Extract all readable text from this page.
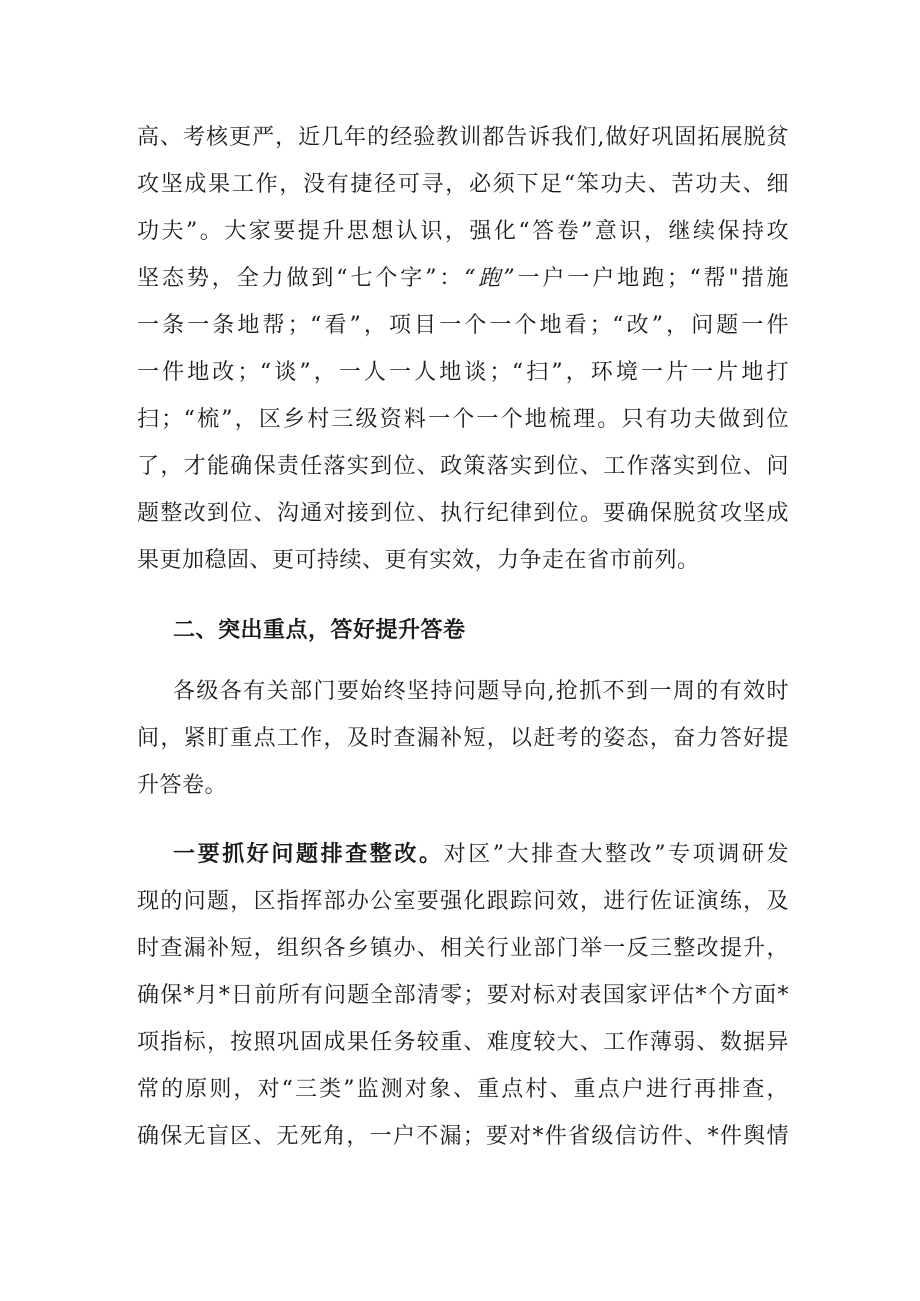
高、考核更严，近几年的经验教训都告诉我们,做好巩固拓展脱贫
攻坚成果工作，没有捷径可寻，必须下足“笨功夫、苦功夫、细
功夫”。大家要提升思想认识，强化“答卷”意识，继续保持攻
坚态势，全力做到“七个字”：“跑”一户一户地跑；“帮"措施
一条一条地帮；“看”，项目一个一个地看；“改”，问题一件
一件地改；“谈”，一人一人地谈；“扫”，环境一片一片地打
扫；“梳”，区乡村三级资料一个一个地梳理。只有功夫做到位
了，才能确保责任落实到位、政策落实到位、工作落实到位、问
题整改到位、沟通对接到位、执行纪律到位。要确保脱贫攻坚成
果更加稳固、更可持续、更有实效，力争走在省市前列。
二、突出重点，答好提升答卷
各级各有关部门要始终坚持问题导向,抢抓不到一周的有效时
间，紧盯重点工作，及时查漏补短，以赶考的姿态，奋力答好提
升答卷。
一要抓好问题排查整改。对区”大排查大整改”专项调研发
现的问题，区指挥部办公室要强化跟踪问效，进行佐证演练，及
时查漏补短，组织各乡镇办、相关行业部门举一反三整改提升，
确保*月*日前所有问题全部清零；要对标对表国家评估*个方面*
项指标，按照巩固成果任务较重、难度较大、工作薄弱、数据异
常的原则，对“三类”监测对象、重点村、重点户进行再排查，
确保无盲区、无死角，一户不漏；要对*件省级信访件、*件舆情
